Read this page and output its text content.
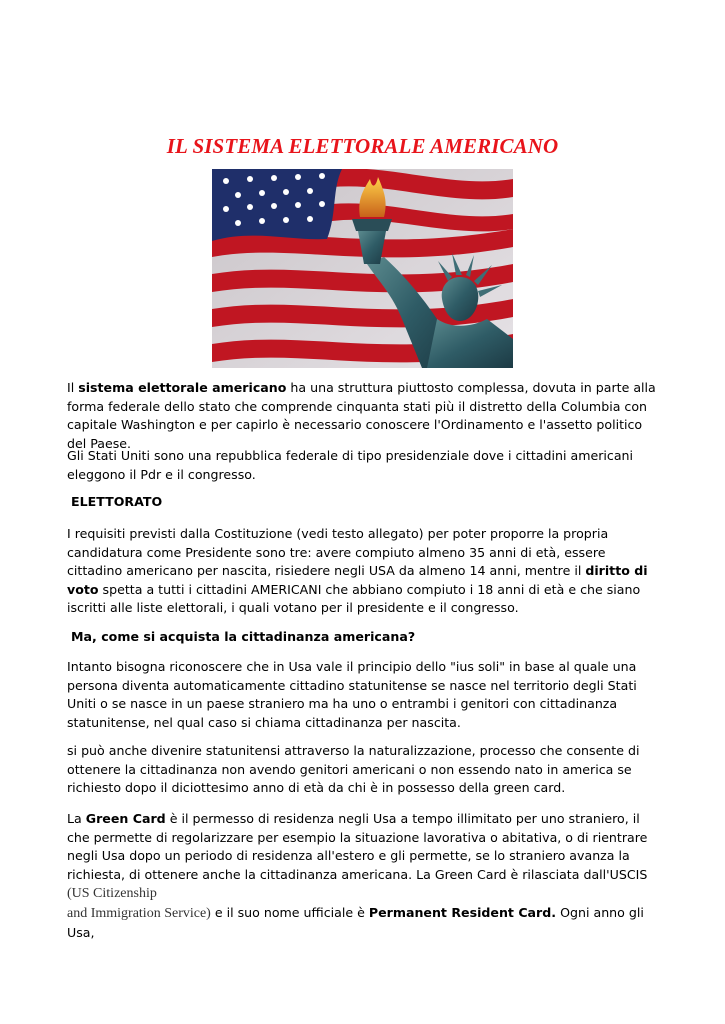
IL SISTEMA ELETTORALE AMERICANO
Il sistema elettorale americano ha una struttura piuttosto complessa, dovuta in parte alla forma federale dello stato che comprende cinquanta stati più il distretto della Columbia con capitale Washington e per capirlo è necessario conoscere l'Ordinamento e l'assetto politico del Paese.
Gli Stati Uniti sono una repubblica federale di tipo presidenziale dove i cittadini americani eleggono il Pdr e il congresso.
ELETTORATO
I requisiti previsti dalla Costituzione (vedi testo allegato) per poter proporre la propria candidatura come Presidente sono tre: avere compiuto almeno 35 anni di età, essere cittadino americano per nascita, risiedere negli USA da almeno 14 anni, mentre il diritto di voto spetta a tutti i cittadini AMERICANI che abbiano compiuto i 18 anni di età e che siano iscritti alle liste elettorali, i quali votano per il presidente e il congresso.
Ma, come si acquista la cittadinanza americana?
Intanto bisogna riconoscere che in Usa vale il principio dello "ius soli" in base al quale una persona diventa automaticamente cittadino statunitense se nasce nel territorio degli Stati Uniti o se nasce in un paese straniero ma ha uno o entrambi i genitori con cittadinanza statunitense, nel qual caso si chiama cittadinanza per nascita.
si può anche divenire statunitensi attraverso la naturalizzazione, processo che consente di ottenere la cittadinanza non avendo genitori americani o non essendo nato in america se richiesto dopo il diciottesimo anno di età da chi è in possesso della green card.
La Green Card è il permesso di residenza negli Usa a tempo illimitato per uno straniero, il che permette di regolarizzare per esempio la situazione lavorativa o abitativa, o di rientrare negli Usa dopo un periodo di residenza all'estero e gli permette, se lo straniero avanza la richiesta, di ottenere anche la cittadinanza americana. La Green Card è rilasciata dall'USCIS (US Citizenship
and Immigration Service) e il suo nome ufficiale è Permanent Resident Card. Ogni anno gli Usa,
